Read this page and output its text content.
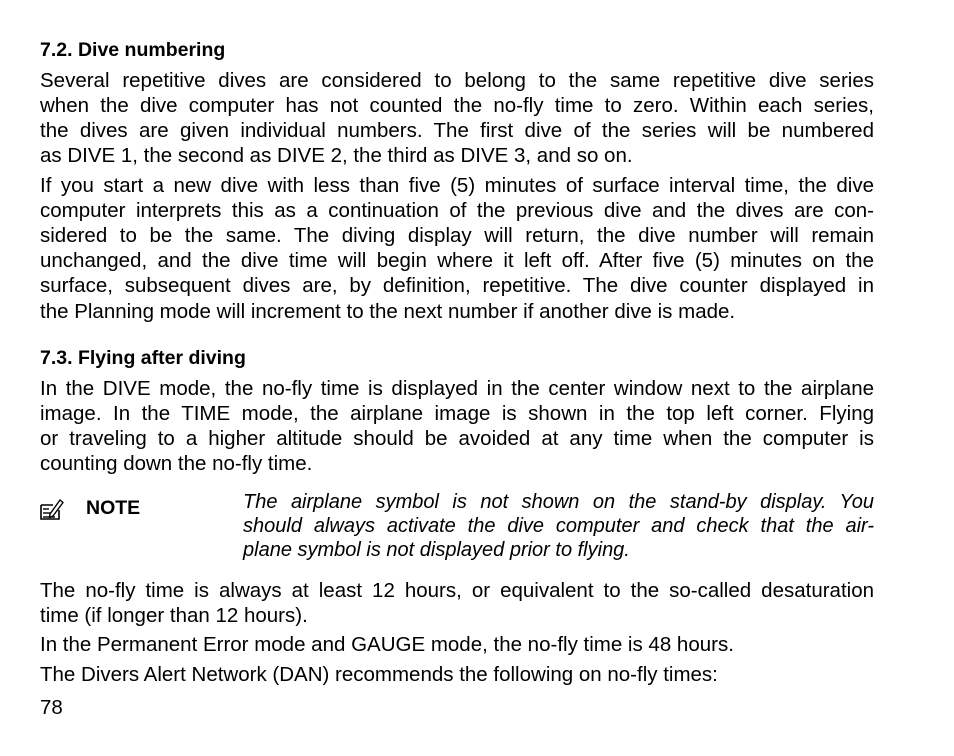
7.2. Dive numbering
Several repetitive dives are considered to belong to the same repetitive dive series
when the dive computer has not counted the no-fly time to zero. Within each series,
the dives are given individual numbers. The first dive of the series will be numbered
as DIVE 1, the second as DIVE 2, the third as DIVE 3, and so on.
If you start a new dive with less than five (5) minutes of surface interval time, the dive
computer interprets this as a continuation of the previous dive and the dives are con-
sidered to be the same. The diving display will return, the dive number will remain
unchanged, and the dive time will begin where it left off. After five (5) minutes on the
surface, subsequent dives are, by definition, repetitive. The dive counter displayed in
the Planning mode will increment to the next number if another dive is made.
7.3. Flying after diving
In the DIVE mode, the no-fly time is displayed in the center window next to the airplane
image. In the TIME mode, the airplane image is shown in the top left corner. Flying
or traveling to a higher altitude should be avoided at any time when the computer is
counting down the no-fly time.
NOTE	The airplane symbol is not shown on the stand-by display. You
should always activate the dive computer and check that the air-
plane symbol is not displayed prior to flying.
The no-fly time is always at least 12 hours, or equivalent to the so-called desaturation
time (if longer than 12 hours).
In the Permanent Error mode and GAUGE mode, the no-fly time is 48 hours.
The Divers Alert Network (DAN) recommends the following on no-fly times:
78
